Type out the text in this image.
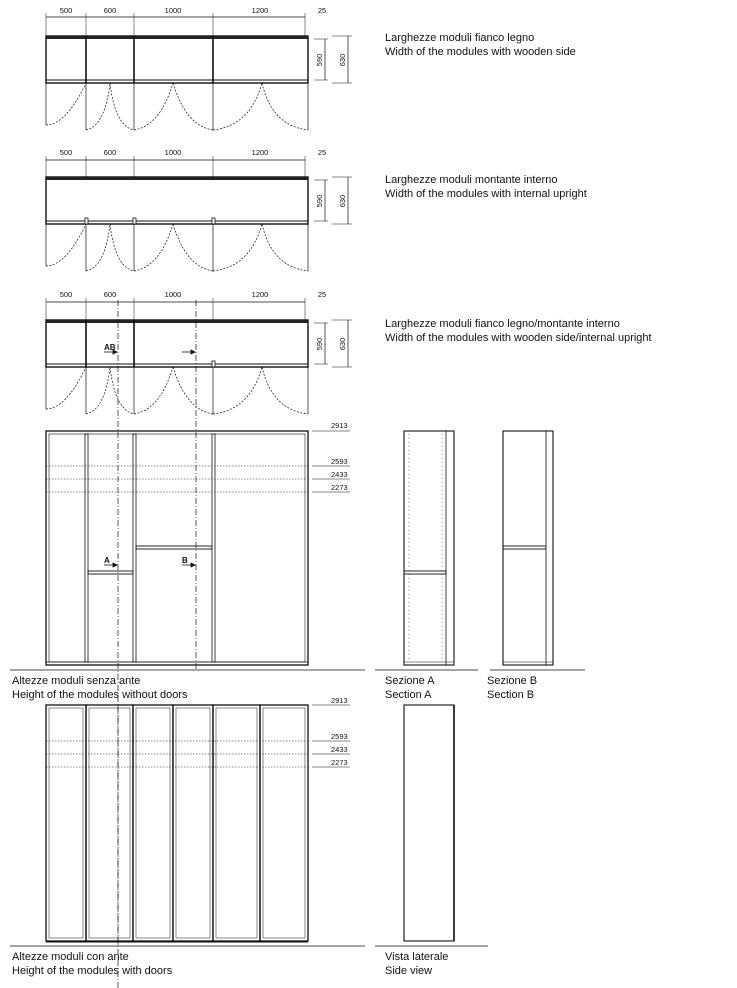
500	600	1000	1200	25
590 630
Larghezze moduli fianco legno
Width of the modules with wooden side
500	600	1000	1200	25
590 630
Larghezze moduli montante interno
Width of the modules with internal upright
500	600	1000	1200	25
AB	590 630
Larghezze moduli fianco legno/montante interno
Width of the modules with wooden side/internal upright
A	B
2913
2593
2433
2273
Altezze moduli senza ante
Height of the modules without doors
Sezione A
Section A
Sezione B
Section B
2913
2593
2433
2273
Altezze moduli con ante
Height of the modules with doors
Vista laterale
Side view
